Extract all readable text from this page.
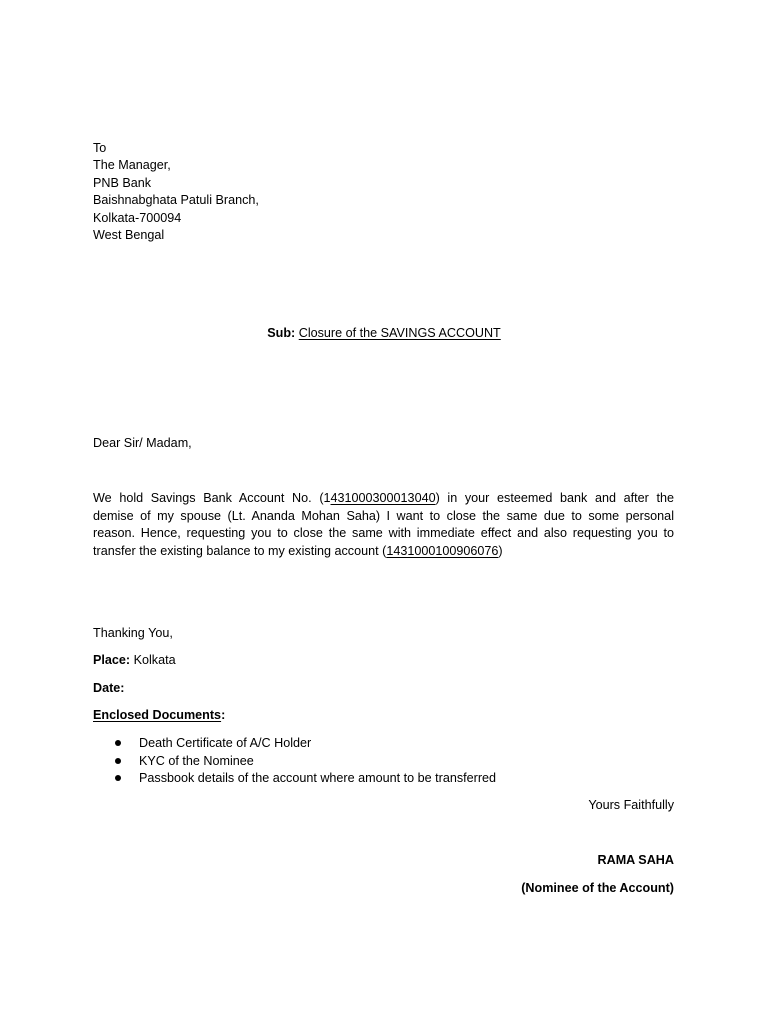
To
The Manager,
PNB Bank
Baishnabghata Patuli Branch,
Kolkata-700094
West Bengal
Sub: Closure of the SAVINGS ACCOUNT
Dear Sir/ Madam,
We hold Savings Bank Account No. (1431000300013040) in your esteemed bank and after the
demise of my spouse (Lt. Ananda Mohan Saha) I want to close the same due to some personal
reason. Hence, requesting you to close the same with immediate effect and also requesting you to
transfer the existing balance to my existing account (1431000100906076)
Thanking You,
Place: Kolkata
Date:
Enclosed Documents:
Death Certificate of A/C Holder
KYC of the Nominee
Passbook details of the account where amount to be transferred
Yours Faithfully
RAMA SAHA
(Nominee of the Account)
